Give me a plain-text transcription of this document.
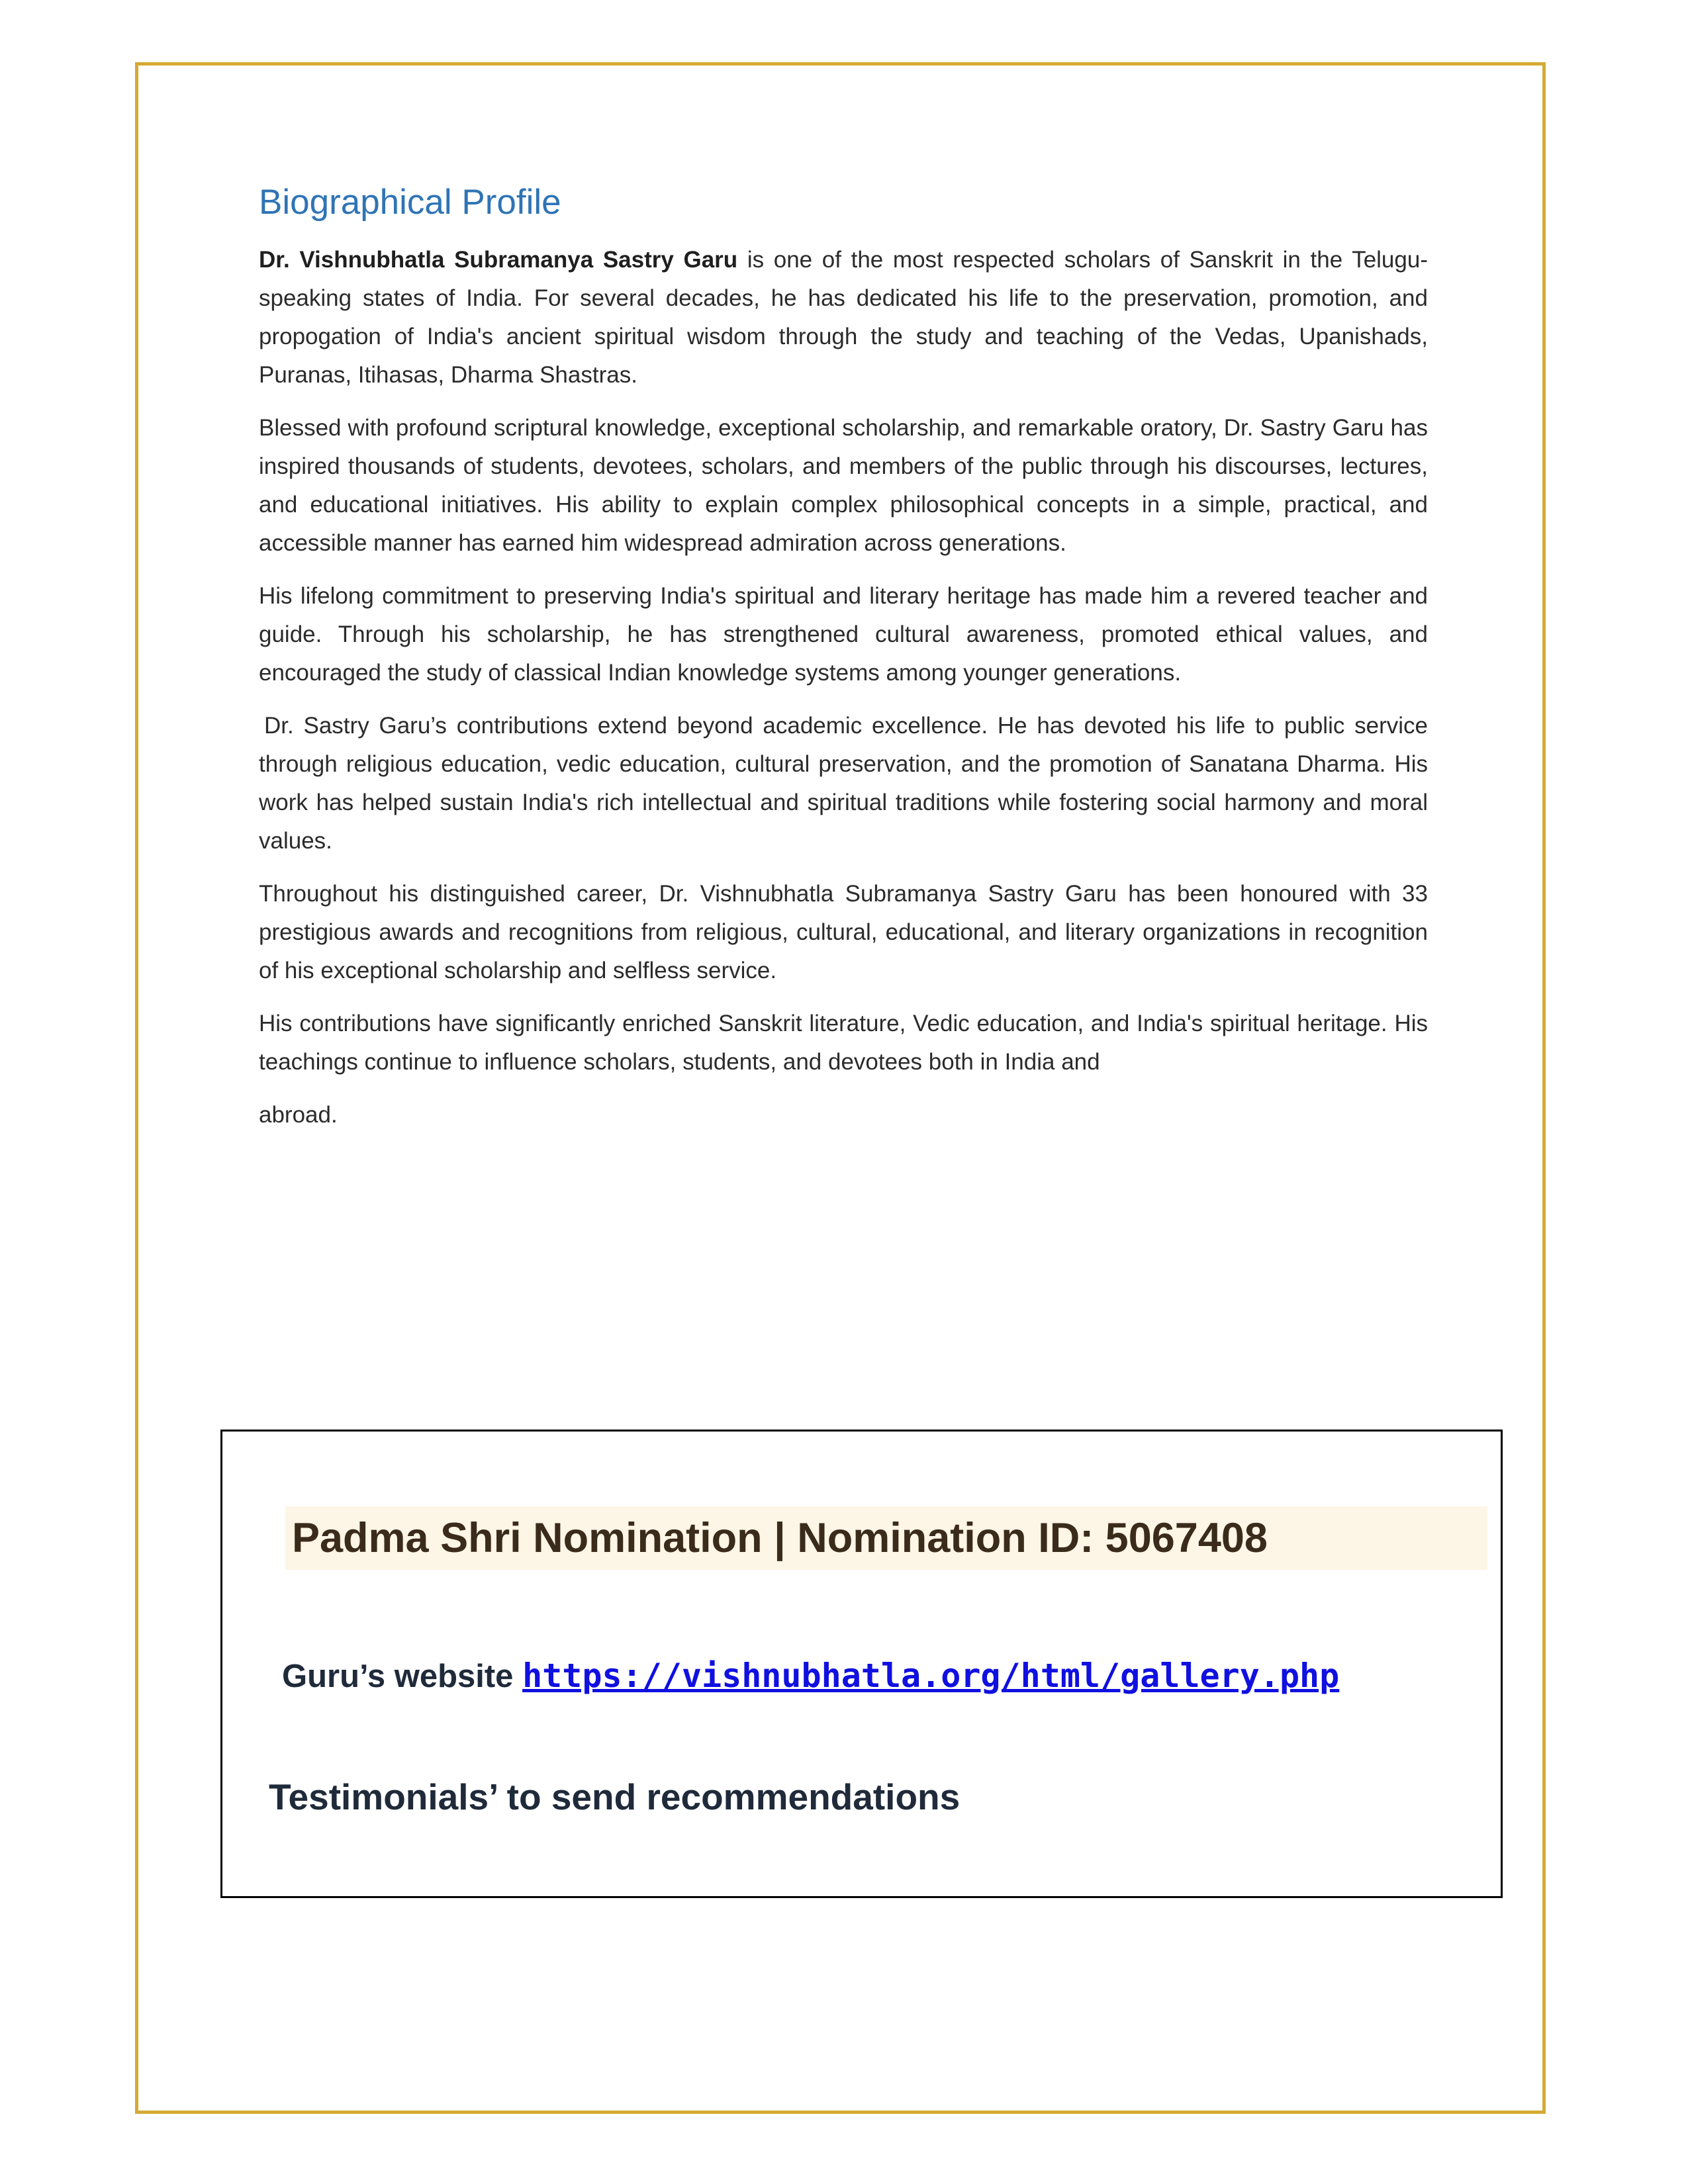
Biographical Profile

Dr. Vishnubhatla Subramanya Sastry Garu is one of the most respected scholars of Sanskrit in the Telugu-speaking states of India. For several decades, he has dedicated his life to the preservation, promotion, and propogation of India's ancient spiritual wisdom through the study and teaching of the Vedas, Upanishads, Puranas, Itihasas, Dharma Shastras.

Blessed with profound scriptural knowledge, exceptional scholarship, and remarkable oratory, Dr. Sastry Garu has inspired thousands of students, devotees, scholars, and members of the public through his discourses, lectures, and educational initiatives. His ability to explain complex philosophical concepts in a simple, practical, and accessible manner has earned him widespread admiration across generations.

His lifelong commitment to preserving India's spiritual and literary heritage has made him a revered teacher and guide. Through his scholarship, he has strengthened cultural awareness, promoted ethical values, and encouraged the study of classical Indian knowledge systems among younger generations.

Dr. Sastry Garu’s contributions extend beyond academic excellence. He has devoted his life to public service through religious education, vedic education, cultural preservation, and the promotion of Sanatana Dharma. His work has helped sustain India's rich intellectual and spiritual traditions while fostering social harmony and moral values.

Throughout his distinguished career, Dr. Vishnubhatla Subramanya Sastry Garu has been honoured with 33 prestigious awards and recognitions from religious, cultural, educational, and literary organizations in recognition of his exceptional scholarship and selfless service.

His contributions have significantly enriched Sanskrit literature, Vedic education, and India's spiritual heritage. His teachings continue to influence scholars, students, and devotees both in India and
abroad.

Padma Shri Nomination | Nomination ID: 5067408
Guru’s website https://vishnubhatla.org/html/gallery.php
Testimonials’ to send recommendations
